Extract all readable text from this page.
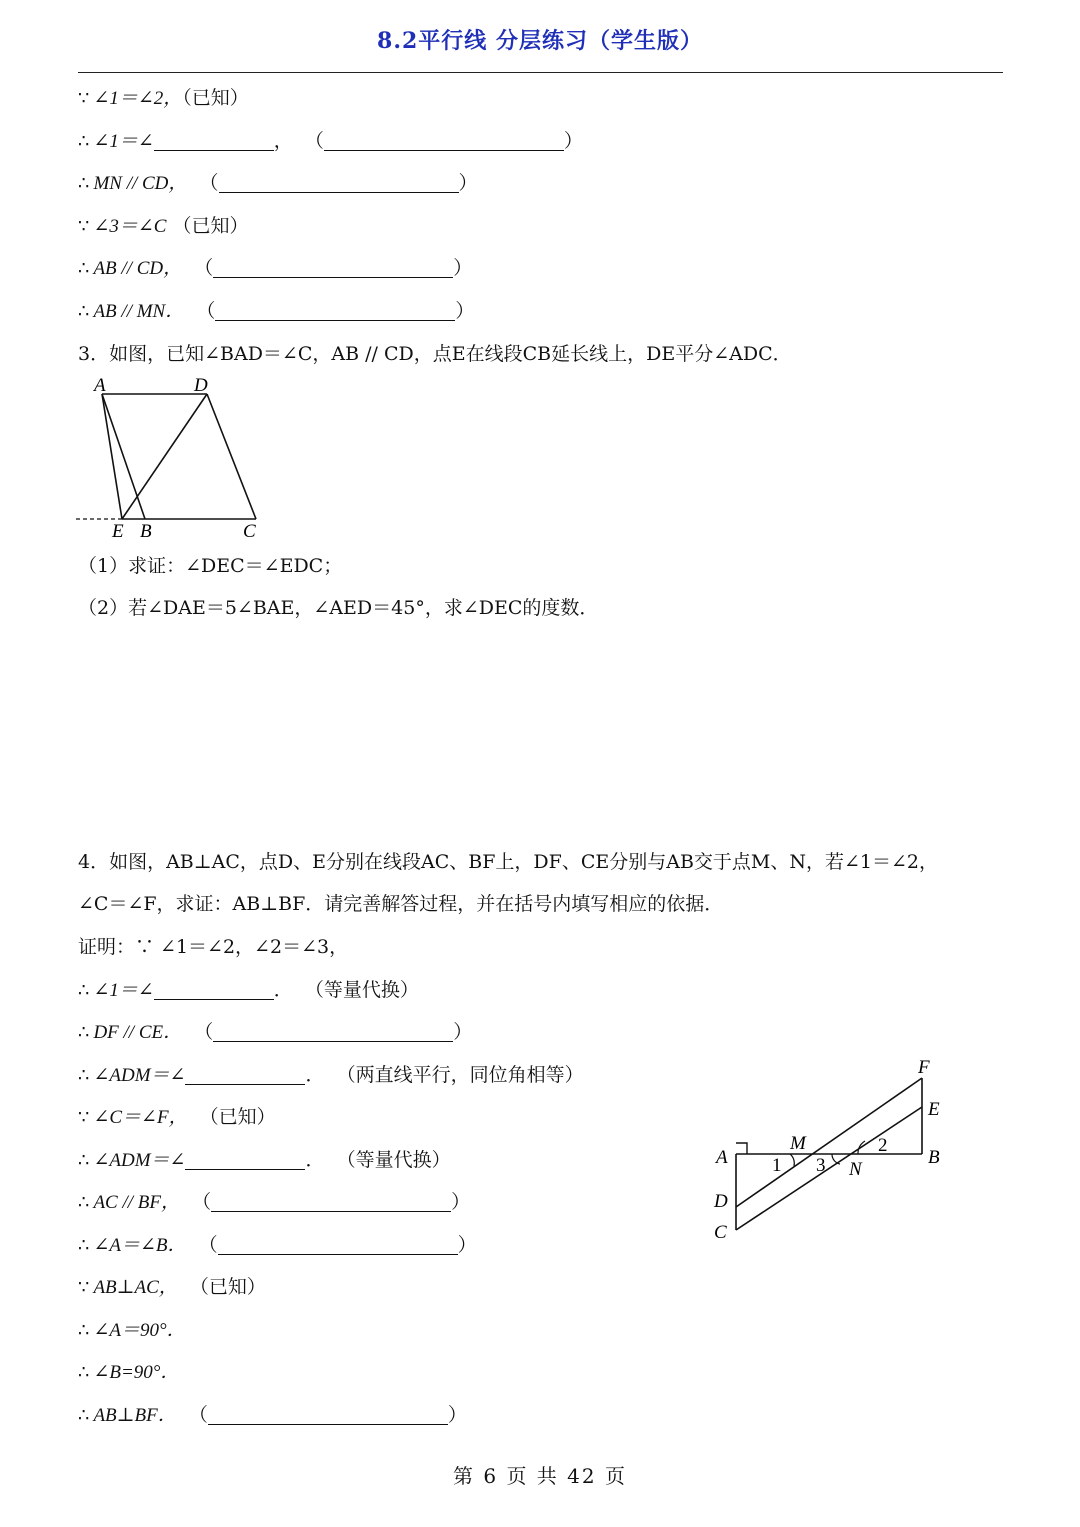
8.2平行线 分层练习（学生版）
∵ ∠1＝∠2，（已知）
∴ ∠1＝∠	， （	）
∴ MN // CD， （	）
∵ ∠3＝∠C （已知）
∴ AB // CD， （	）
∴ AB // MN． （	）
3．如图，已知∠BAD＝∠C，AB // CD，点E在线段CB延长线上，DE平分∠ADC．
A	D
E B	C
（1）求证：∠DEC＝∠EDC；
（2）若∠DAE＝5∠BAE，∠AED＝45°，求∠DEC的度数．
4．如图，AB⊥AC，点D、E分别在线段AC、BF上，DF、CE分别与AB交于点M、N，若∠1＝∠2，
∠C＝∠F，求证：AB⊥BF．请完善解答过程，并在括号内填写相应的依据．
证明：∵ ∠1＝∠2，∠2＝∠3，
∴ ∠1＝∠	． （等量代换）
∴ DF // CE． （	）
∴ ∠ADM＝∠	． （两直线平行，同位角相等）
∵ ∠C＝∠F， （已知）
∴ ∠ADM＝∠	． （等量代换）
∴ AC // BF， （	）
∴ ∠A＝∠B． （	）
∵ AB⊥AC， （已知）
∴ ∠A＝90°．
∴ ∠B=90°．
∴ AB⊥BF． （	）
F
E
A
M
B
1 3
2
N
D
C
第 6 页 共 42 页
